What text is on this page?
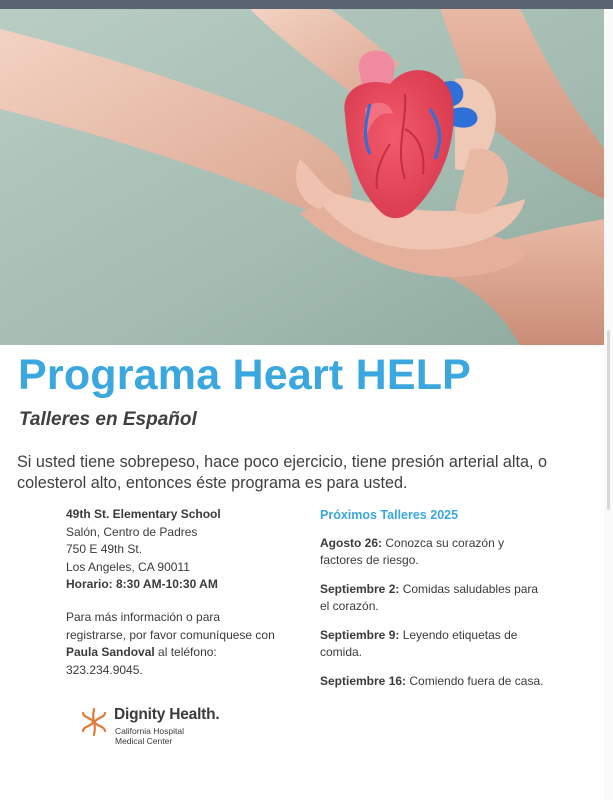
Programa Heart HELP

Talleres en Español

Si usted tiene sobrepeso, hace poco ejercicio, tiene presión arterial alta, o colesterol alto, entonces éste programa es para usted.

49th St. Elementary School
Salón, Centro de Padres
750 E 49th St.
Los Angeles, CA 90011
Horario: 8:30 AM-10:30 AM
Para más información o para
registrarse, por favor comuníquese con
Paula Sandoval al teléfono:
323.234.9045.

Próximos Talleres 2025

Agosto 26: Conozca su corazón y factores de riesgo.

Septiembre 2: Comidas saludables para el corazón.

Septiembre 9: Leyendo etiquetas de comida.

Septiembre 16: Comiendo fuera de casa.

Dignity Health.
California Hospital
Medical Center
